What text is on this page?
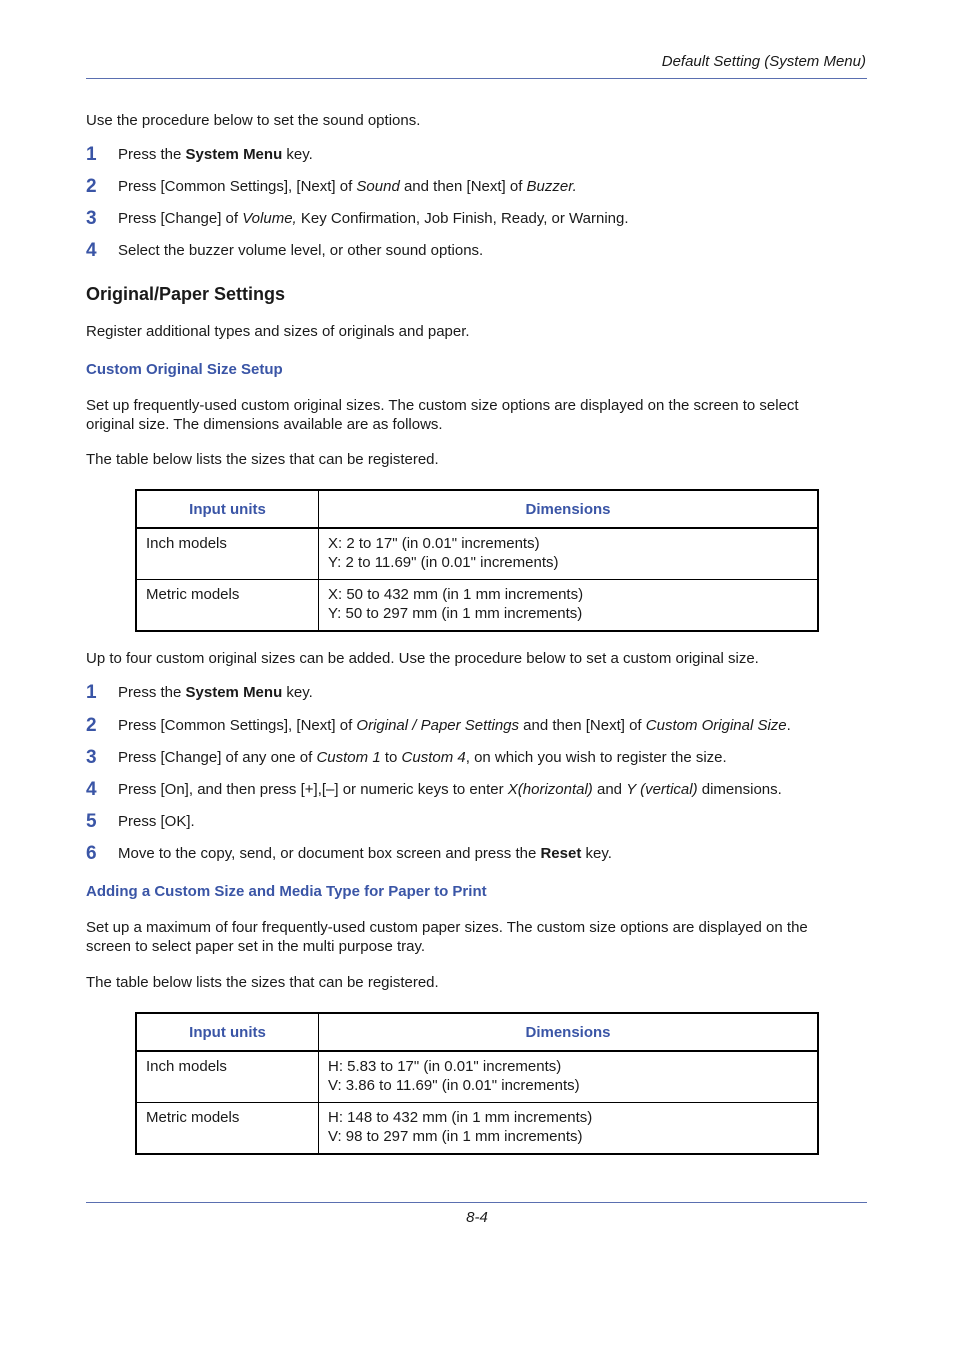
Default Setting (System Menu)
Use the procedure below to set the sound options.
1	Press the System Menu key.
2	Press [Common Settings], [Next] of Sound and then [Next] of Buzzer.
3	Press [Change] of Volume, Key Confirmation, Job Finish, Ready, or Warning.
4	Select the buzzer volume level, or other sound options.
Original/Paper Settings
Register additional types and sizes of originals and paper.
Custom Original Size Setup
Set up frequently-used custom original sizes. The custom size options are displayed on the screen to select
original size. The dimensions available are as follows.
The table below lists the sizes that can be registered.
Input units	Dimensions
Inch models	X: 2 to 17" (in 0.01" increments)
Y: 2 to 11.69" (in 0.01" increments)

Metric models	X: 50 to 432 mm (in 1 mm increments)
Y: 50 to 297 mm (in 1 mm increments)
Up to four custom original sizes can be added. Use the procedure below to set a custom original size.
1	Press the System Menu key.
2	Press [Common Settings], [Next] of Original / Paper Settings and then [Next] of Custom Original Size.
3	Press [Change] of any one of Custom 1 to Custom 4, on which you wish to register the size.
4	Press [On], and then press [+],[–] or numeric keys to enter X(horizontal) and Y (vertical) dimensions.
5	Press [OK].
6	Move to the copy, send, or document box screen and press the Reset key.
Adding a Custom Size and Media Type for Paper to Print
Set up a maximum of four frequently-used custom paper sizes. The custom size options are displayed on the
screen to select paper set in the multi purpose tray.
The table below lists the sizes that can be registered.
Input units	Dimensions
Inch models	H: 5.83 to 17" (in 0.01" increments)
V: 3.86 to 11.69" (in 0.01" increments)

Metric models	H: 148 to 432 mm (in 1 mm increments)
V: 98 to 297 mm (in 1 mm increments)
8-4
